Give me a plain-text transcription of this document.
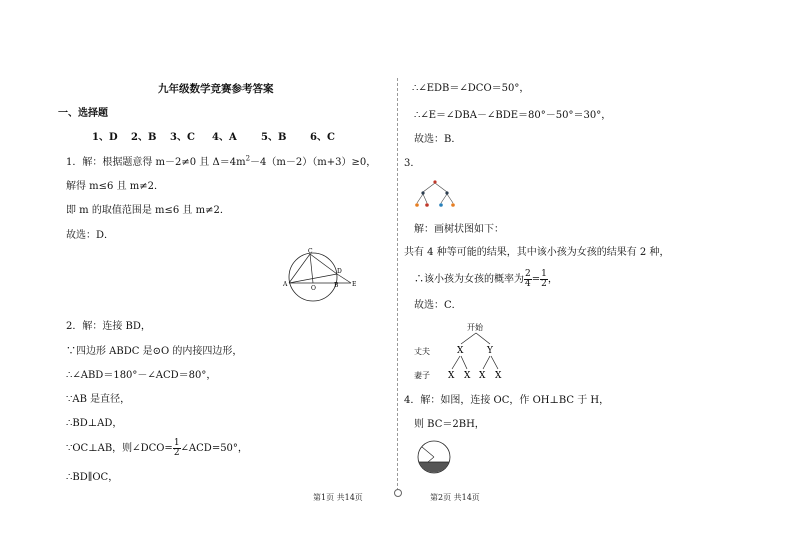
九年级数学竞赛参考答案
一、选择题
1、D 2、B 3、C 4、A 5、B 6、C
1．解：根据题意得 m－2≠0 且 $\Delta=4m^2-4(m-2)(m+3)\ge 0$，
解得 m≤6 且 m≠2．
即 m 的取值范围是 m≤6 且 m≠2．
故选：D．
A
C
D
E
O	B
2．解：连接 BD，
∵四边形 ABDC 是⊙O 的内接四边形，
∴∠ABD＝180°－∠ACD＝80°，
∵AB 是直径，
∴BD⊥AD，
∵OC⊥AB，则∠DCO= $\frac{1}{2}$ ∠ACD=50°，
∴BD∥OC，
第1页 共14页
∴∠EDB＝∠DCO＝50°，
∴∠E＝∠DBA－∠BDE＝80°－50°＝30°，
故选：B．
3．
解：画树状图如下：
共有 4 种等可能的结果，其中该小孩为女孩的结果有 2 种，
∴该小孩为女孩的概率为 $\frac{2}{4} = \frac{1}{2}$ ，
故选：C．
开始
丈夫	X	Y
妻子 X X X X
4．解：如图，连接 OC，作 OH⊥BC 于 H，
则 BC＝2BH，
第2页 共14页
